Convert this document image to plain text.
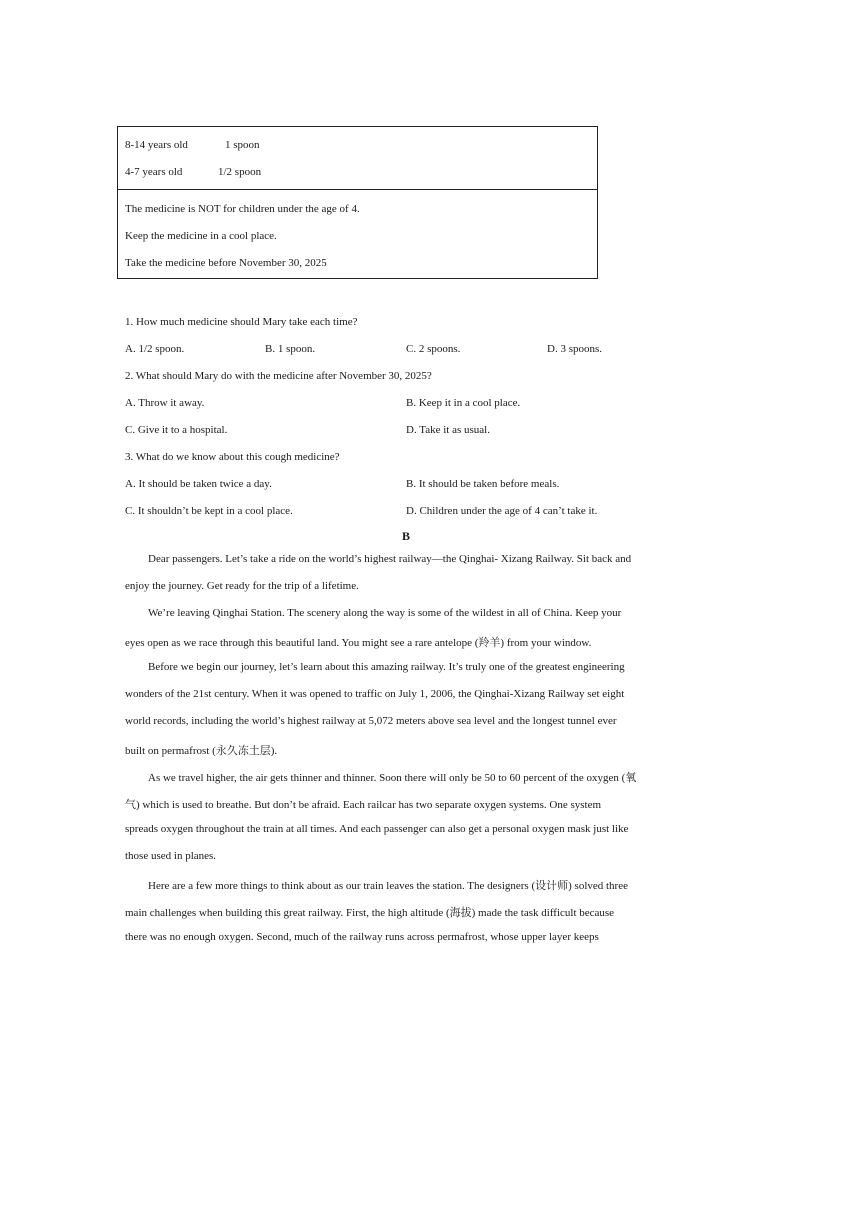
8-14 years old	1 spoon
4-7 years old	1/2 spoon
The medicine is NOT for children under the age of 4.
Keep the medicine in a cool place.
Take the medicine before November 30, 2025
1. How much medicine should Mary take each time?
A. 1/2 spoon.	B. 1 spoon.	C. 2 spoons.	D. 3 spoons.
2. What should Mary do with the medicine after November 30, 2025?
A. Throw it away.	B. Keep it in a cool place.
C. Give it to a hospital.	D. Take it as usual.
3. What do we know about this cough medicine?
A. It should be taken twice a day.	B. It should be taken before meals.
C. It shouldn’t be kept in a cool place.	D. Children under the age of 4 can’t take it.
B
Dear passengers. Let’s take a ride on the world’s highest railway—the Qinghai- Xizang Railway. Sit back and
enjoy the journey. Get ready for the trip of a lifetime.
We’re leaving Qinghai Station. The scenery along the way is some of the wildest in all of China. Keep your
eyes open as we race through this beautiful land. You might see a rare antelope (羚羊) from your window.
Before we begin our journey, let’s learn about this amazing railway. It’s truly one of the greatest engineering
wonders of the 21st century. When it was opened to traffic on July 1, 2006, the Qinghai-Xizang Railway set eight
world records, including the world’s highest railway at 5,072 meters above sea level and the longest tunnel ever
built on permafrost (永久冻土层).
As we travel higher, the air gets thinner and thinner. Soon there will only be 50 to 60 percent of the oxygen (氧
气) which is used to breathe. But don’t be afraid. Each railcar has two separate oxygen systems. One system
spreads oxygen throughout the train at all times. And each passenger can also get a personal oxygen mask just like
those used in planes.
Here are a few more things to think about as our train leaves the station. The designers (设计师) solved three
main challenges when building this great railway. First, the high altitude (海拔) made the task difficult because
there was no enough oxygen. Second, much of the railway runs across permafrost, whose upper layer keeps
